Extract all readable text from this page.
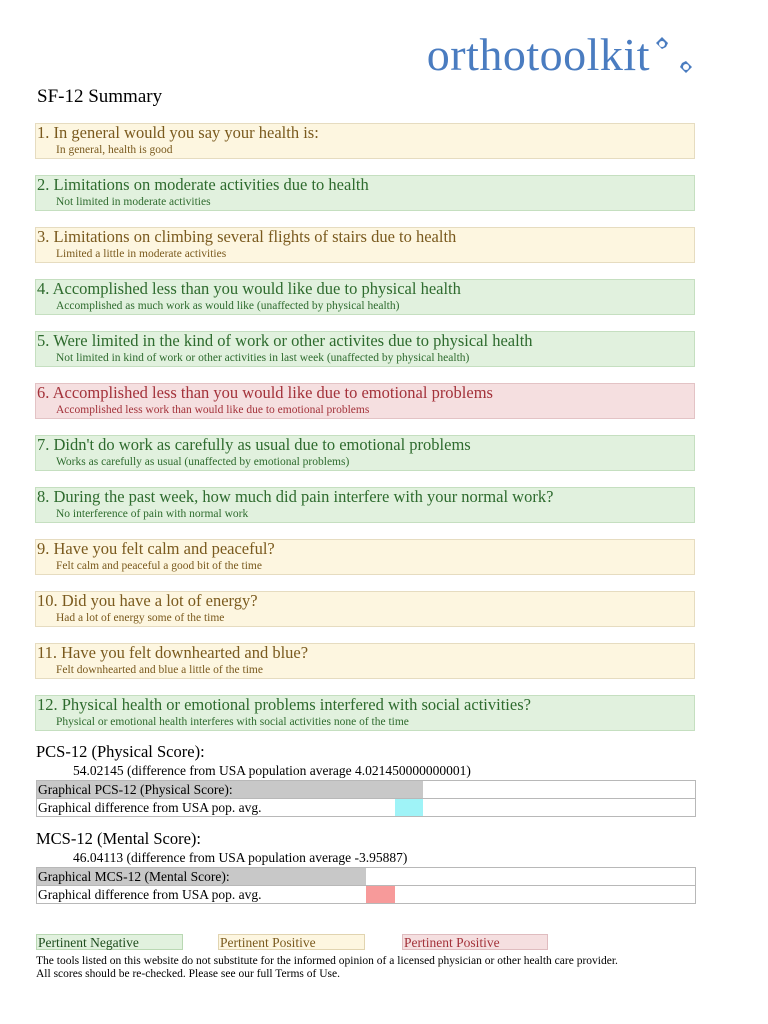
orthotoolkit
SF-12 Summary
1. In general would you say your health is:
In general, health is good
2. Limitations on moderate activities due to health
Not limited in moderate activities
3. Limitations on climbing several flights of stairs due to health
Limited a little in moderate activities
4. Accomplished less than you would like due to physical health
Accomplished as much work as would like (unaffected by physical health)
5. Were limited in the kind of work or other activites due to physical health
Not limited in kind of work or other activities in last week (unaffected by physical health)
6. Accomplished less than you would like due to emotional problems
Accomplished less work than would like due to emotional problems
7. Didn't do work as carefully as usual due to emotional problems
Works as carefully as usual (unaffected by emotional problems)
8. During the past week, how much did pain interfere with your normal work?
No interference of pain with normal work
9. Have you felt calm and peaceful?
Felt calm and peaceful a good bit of the time
10. Did you have a lot of energy?
Had a lot of energy some of the time
11. Have you felt downhearted and blue?
Felt downhearted and blue a little of the time
12. Physical health or emotional problems interfered with social activities?
Physical or emotional health interferes with social activities none of the time
PCS-12 (Physical Score):
54.02145 (difference from USA population average 4.021450000000001)
Graphical PCS-12 (Physical Score):
Graphical difference from USA pop. avg.
MCS-12 (Mental Score):
46.04113 (difference from USA population average -3.95887)
Graphical MCS-12 (Mental Score):
Graphical difference from USA pop. avg.
Pertinent Negative	Pertinent Positive	Pertinent Positive
The tools listed on this website do not substitute for the informed opinion of a licensed physician or other health care provider.
All scores should be re-checked. Please see our full Terms of Use.
